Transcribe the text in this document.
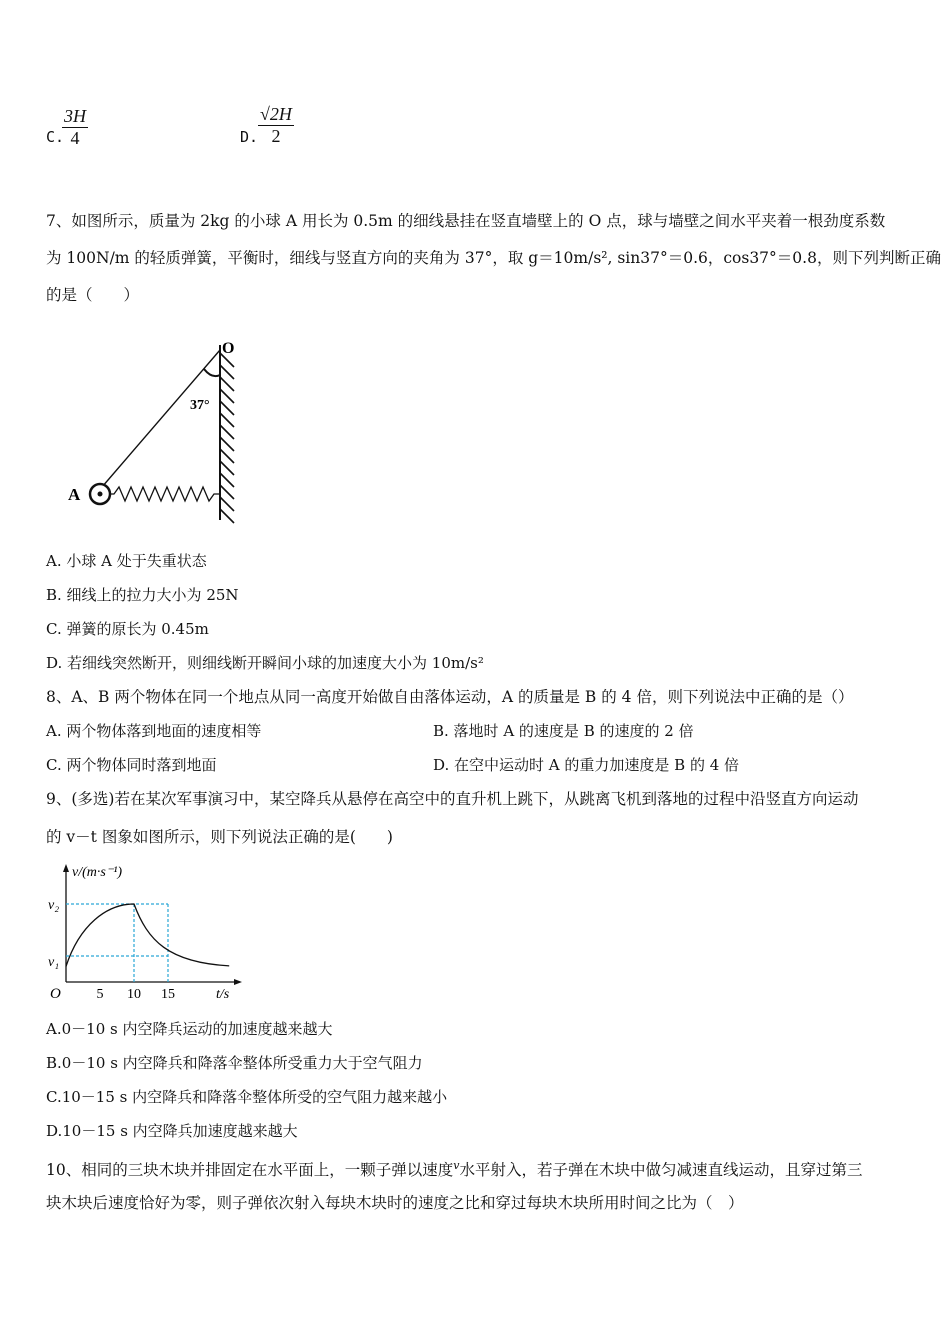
C.
$\frac{3H}{4}$	D. $\frac{√2H}{2}$
7、如图所示，质量为 2kg 的小球 A 用长为 0.5m 的细线悬挂在竖直墙壁上的 O 点，球与墙壁之间水平夹着一根劲度系数
为 100N/m 的轻质弹簧，平衡时，细线与竖直方向的夹角为 37°，取 g＝10m/s², sin37°＝0.6，cos37°＝0.8，则下列判断正确
的是（　　）
O
37°
A
A. 小球 A 处于失重状态
B. 细线上的拉力大小为 25N
C. 弹簧的原长为 0.45m
D. 若细线突然断开，则细线断开瞬间小球的加速度大小为 10m/s²
8、A、B 两个物体在同一个地点从同一高度开始做自由落体运动，A 的质量是 B 的 4 倍，则下列说法中正确的是（）
A. 两个物体落到地面的速度相等	B. 落地时 A 的速度是 B 的速度的 2 倍
C. 两个物体同时落到地面	D. 在空中运动时 A 的重力加速度是 B 的 4 倍
9、(多选)若在某次军事演习中，某空降兵从悬停在高空中的直升机上跳下，从跳离飞机到落地的过程中沿竖直方向运动
的 v－t 图象如图所示，则下列说法正确的是(　　)
v/(m·s⁻¹)
t/s
O	5 10 15
v₂
v₁
A.0－10 s 内空降兵运动的加速度越来越大
B.0－10 s 内空降兵和降落伞整体所受重力大于空气阻力
C.10－15 s 内空降兵和降落伞整体所受的空气阻力越来越小
D.10－15 s 内空降兵加速度越来越大
10、相同的三块木块并排固定在水平面上，一颗子弹以速度$^v$水平射入，若子弹在木块中做匀减速直线运动，且穿过第三
块木块后速度恰好为零，则子弹依次射入每块木块时的速度之比和穿过每块木块所用时间之比为（　）
